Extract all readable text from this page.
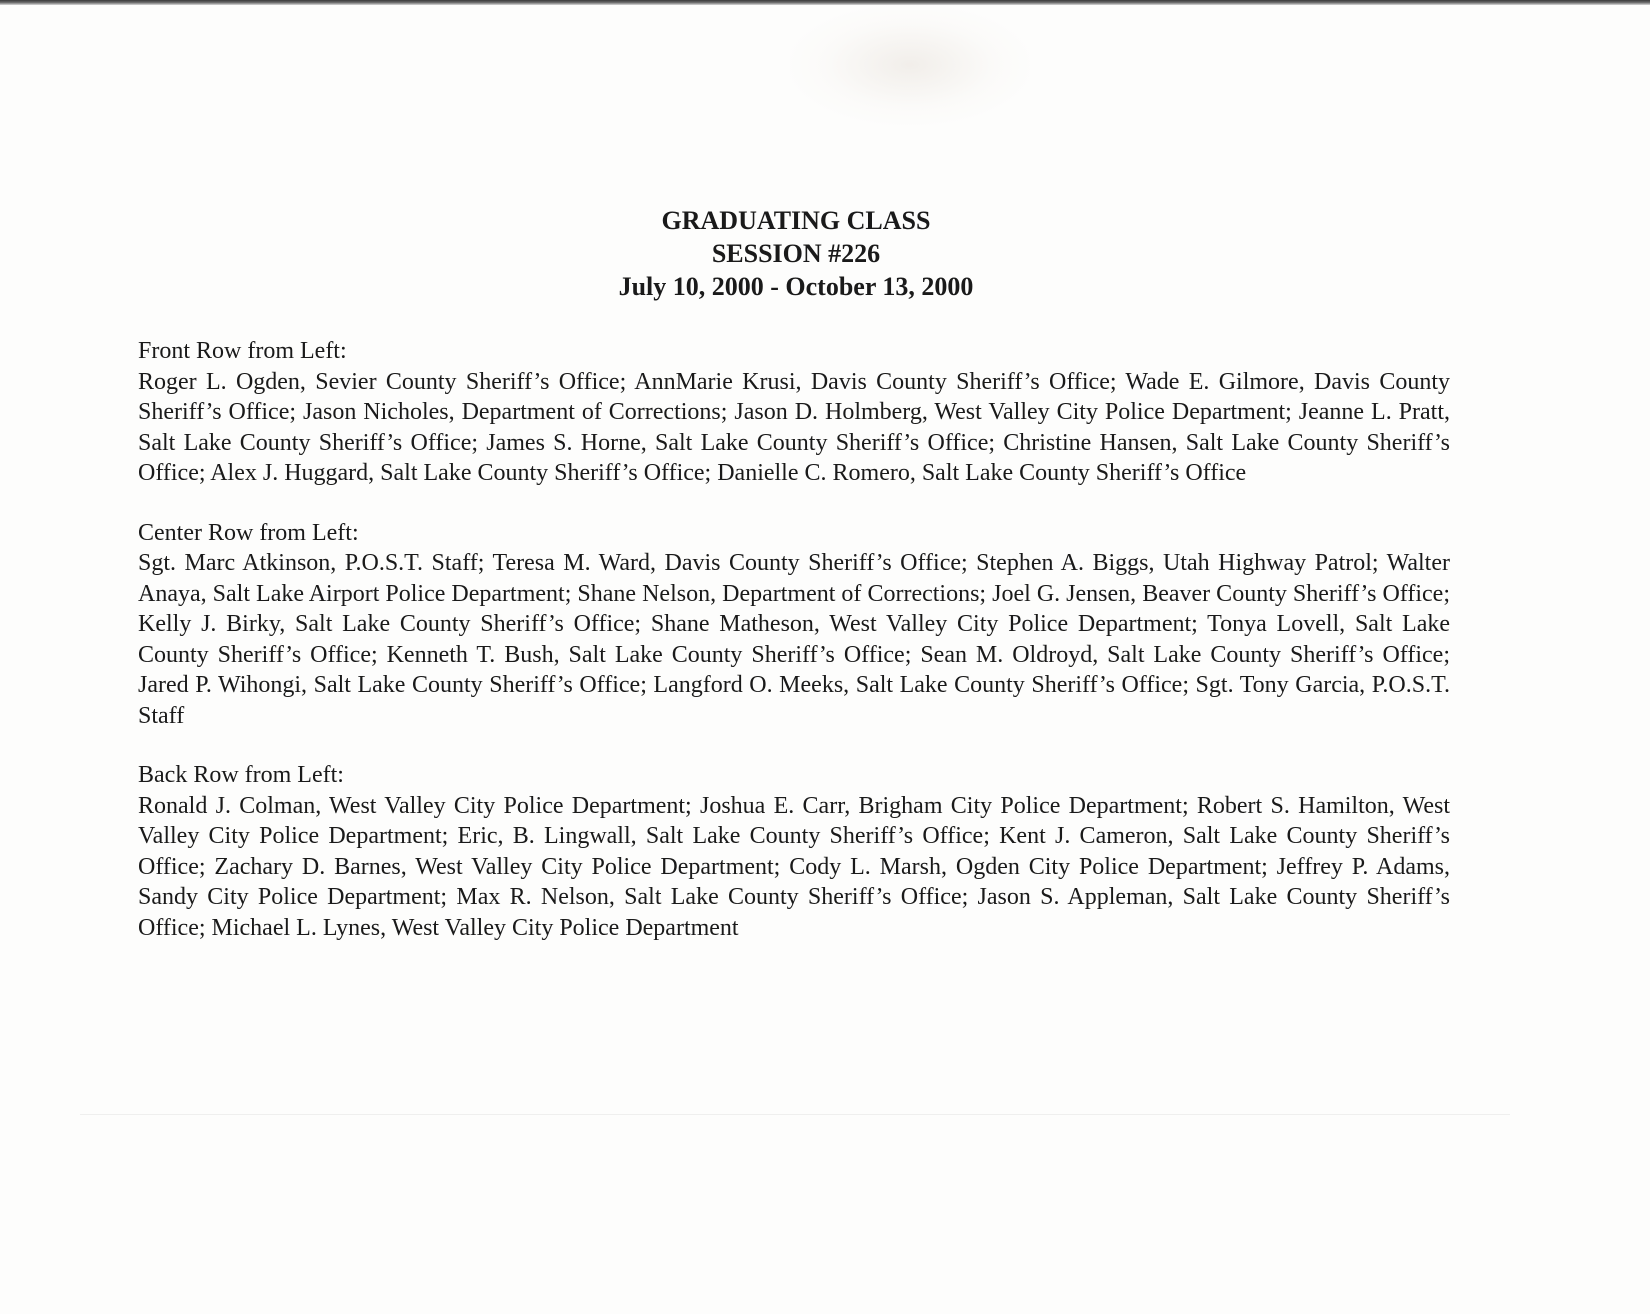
GRADUATING CLASS
SESSION #226
July 10, 2000 - October 13, 2000

Front Row from Left:

Roger L. Ogden, Sevier County Sheriff’s Office; AnnMarie Krusi, Davis County Sheriff’s Office; Wade E. Gilmore, Davis County Sheriff’s Office; Jason Nicholes, Department of Corrections; Jason D. Holmberg, West Valley City Police Department; Jeanne L. Pratt, Salt Lake County Sheriff’s Office; James S. Horne, Salt Lake County Sheriff’s Office; Christine Hansen, Salt Lake County Sheriff’s Office; Alex J. Huggard, Salt Lake County Sheriff’s Office; Danielle C. Romero, Salt Lake County Sheriff’s Office

Center Row from Left:

Sgt. Marc Atkinson, P.O.S.T. Staff; Teresa M. Ward, Davis County Sheriff’s Office; Stephen A. Biggs, Utah Highway Patrol; Walter Anaya, Salt Lake Airport Police Department; Shane Nelson, Department of Corrections; Joel G. Jensen, Beaver County Sheriff’s Office; Kelly J. Birky, Salt Lake County Sheriff’s Office; Shane Matheson, West Valley City Police Department; Tonya Lovell, Salt Lake County Sheriff’s Office; Kenneth T. Bush, Salt Lake County Sheriff’s Office; Sean M. Oldroyd, Salt Lake County Sheriff’s Office; Jared P. Wihongi, Salt Lake County Sheriff’s Office; Langford O. Meeks, Salt Lake County Sheriff’s Office; Sgt. Tony Garcia, P.O.S.T. Staff

Back Row from Left:

Ronald J. Colman, West Valley City Police Department; Joshua E. Carr, Brigham City Police Department; Robert S. Hamilton, West Valley City Police Department; Eric, B. Lingwall, Salt Lake County Sheriff’s Office; Kent J. Cameron, Salt Lake County Sheriff’s Office; Zachary D. Barnes, West Valley City Police Department; Cody L. Marsh, Ogden City Police Department; Jeffrey P. Adams, Sandy City Police Department; Max R. Nelson, Salt Lake County Sheriff’s Office; Jason S. Appleman, Salt Lake County Sheriff’s Office; Michael L. Lynes, West Valley City Police Department
